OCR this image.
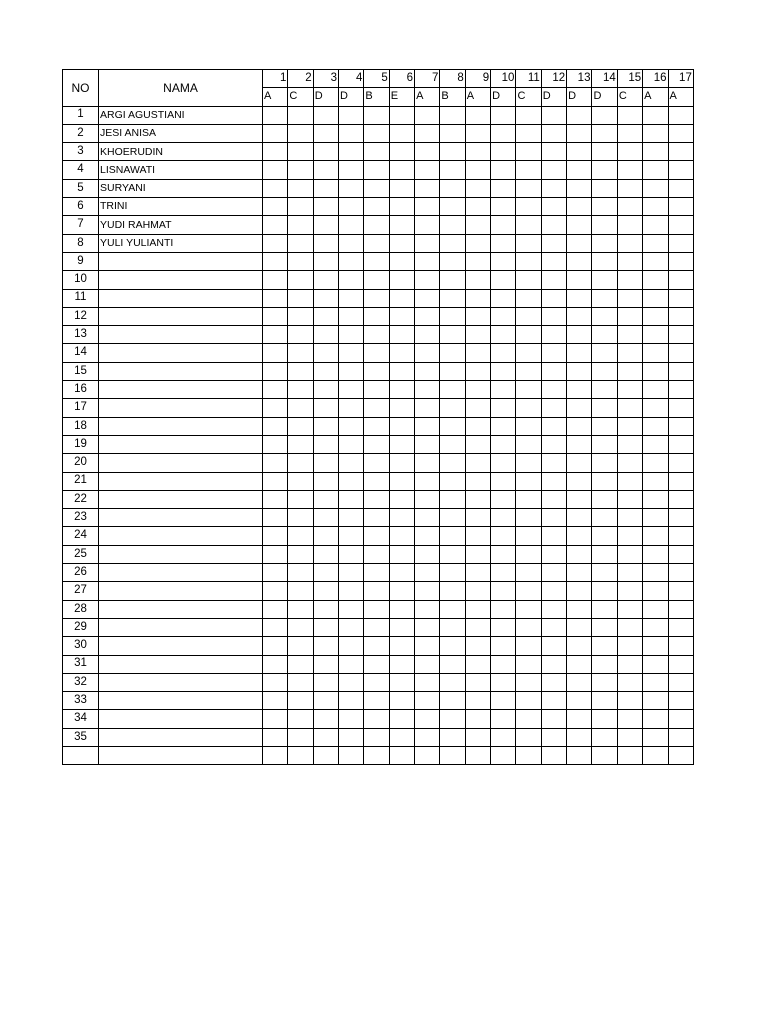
NO	NAMA	1	2	3	4	5	6	7	8	9	10	11	12	13	14	15	16	17
		A	C	D	D	B	E	A	B	A	D	C	D	D	D	C	A	A
1	ARGI AGUSTIANI																	
2	JESI ANISA																	
3	KHOERUDIN																	
4	LISNAWATI																	
5	SURYANI																	
6	TRINI																	
7	YUDI RAHMAT																	
8	YULI YULIANTI																	
9																		
10																		
11																		
12																		
13																		
14																		
15																		
16																		
17																		
18																		
19																		
20																		
21																		
22																		
23																		
24																		
25																		
26																		
27																		
28																		
29																		
30																		
31																		
32																		
33																		
34																		
35																		
